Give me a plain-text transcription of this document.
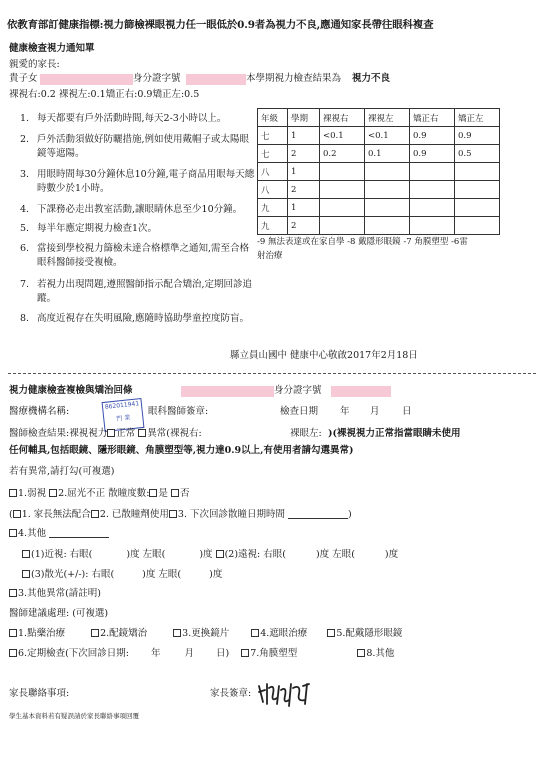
依教育部訂健康指標:視力篩檢裸眼視力任一眼低於0.9者為視力不良,應通知家長帶往眼科複查
健康檢查視力通知單
親愛的家長:
貴子女	身分證字號	本學期視力檢查結果為 視力不良
裸視右:0.2 裸視左:0.1矯正右:0.9矯正左:0.5
1. 每天都要有戶外活動時間,每天2-3小時以上。
2. 戶外活動須做好防曬措施,例如使用戴帽子或太陽眼鏡等遮陽。
3. 用眼時間每30分鐘休息10分鐘,電子商品用眼每天總時數少於1小時。
4. 下課務必走出教室活動,讓眼睛休息至少10分鐘。
5. 每半年應定期視力檢查1次。
6. 當接到學校視力篩檢未達合格標準之通知,需至合格眼科醫師接受複檢。
7. 若視力出現問題,遵照醫師指示配合矯治,定期回診追蹤。
8. 高度近視存在失明風險,應隨時協助學童控度防盲。
年級	學期	裸視右	裸視左	矯正右	矯正左
七	1	<0.1	<0.1	0.9	0.9
七	2	0.2	0.1	0.9	0.5
八	1				
八	2				
九	1				
九	2				
-9 無法表達或在家自學 -8 戴隱形眼鏡 -7 角膜塑型 -6雷
射治療
縣立員山國中 健康中心敬啟2017年2月18日
視力健康檢查複檢與矯治回條	身分證字號
醫療機構名稱:
862011941
門 業
眼科醫師簽章:	檢查日期 年 月 日
醫師檢查結果:裸視視力 正常 異常(裸視右:	裸眼左: )(裸視視力正常指當眼睛未使用
任何輔具,包括眼鏡、隱形眼鏡、角膜塑型等,視力達0.9以上,有使用者請勾選異常)
若有異常,請打勾(可複選)
1.弱視 2.屈光不正 散瞳度數: 是 否
( 1. 家長無法配合 2. 已散瞳劑使用 3. 下次回診散瞳日期時間	)
4.其他
(1)近視: 右眼(	)度 左眼(	)度 (2)遠視: 右眼(	)度 左眼(	)度
(3)散光(+/-): 右眼(	)度 左眼(	)度
3.其他異常(請註明)
醫師建議處理: (可複選)
1.點藥治療	2.配鏡矯治	3.更換鏡片	4.遮眼治療	5.配戴隱形眼鏡
6.定期檢查(下次回診日期: 年	月 日) 7.角膜塑型	8.其他
家長聯絡事項:	家長簽章:
學生基本資料若有疑誤請於家長聯絡事項回覆
